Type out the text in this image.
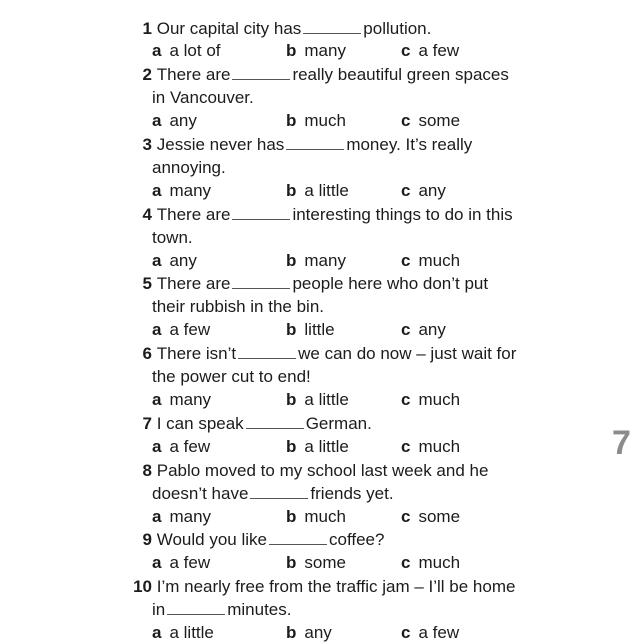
1 Our capital city has	pollution.
a a lot of	b many	c a few
2 There are	really beautiful green spaces
in Vancouver.
a any	b much	c some
3 Jessie never has	money. It’s really
annoying.
a many	b a little	c any
4 There are	interesting things to do in this
town.
a any	b many	c much
5 There are	people here who don’t put
their rubbish in the bin.
a a few	b little	c any
6 There isn’t	we can do now – just wait for
the power cut to end!
a many	b a little	c much
7 I can speak	German.
a a few	b a little	c much	7
8 Pablo moved to my school last week and he
doesn’t have	friends yet.
a many	b much	c some
9 Would you like	coffee?
a a few	b some	c much
10 I’m nearly free from the traffic jam – I’ll be home
in	minutes.
a a little	b any	c a few
